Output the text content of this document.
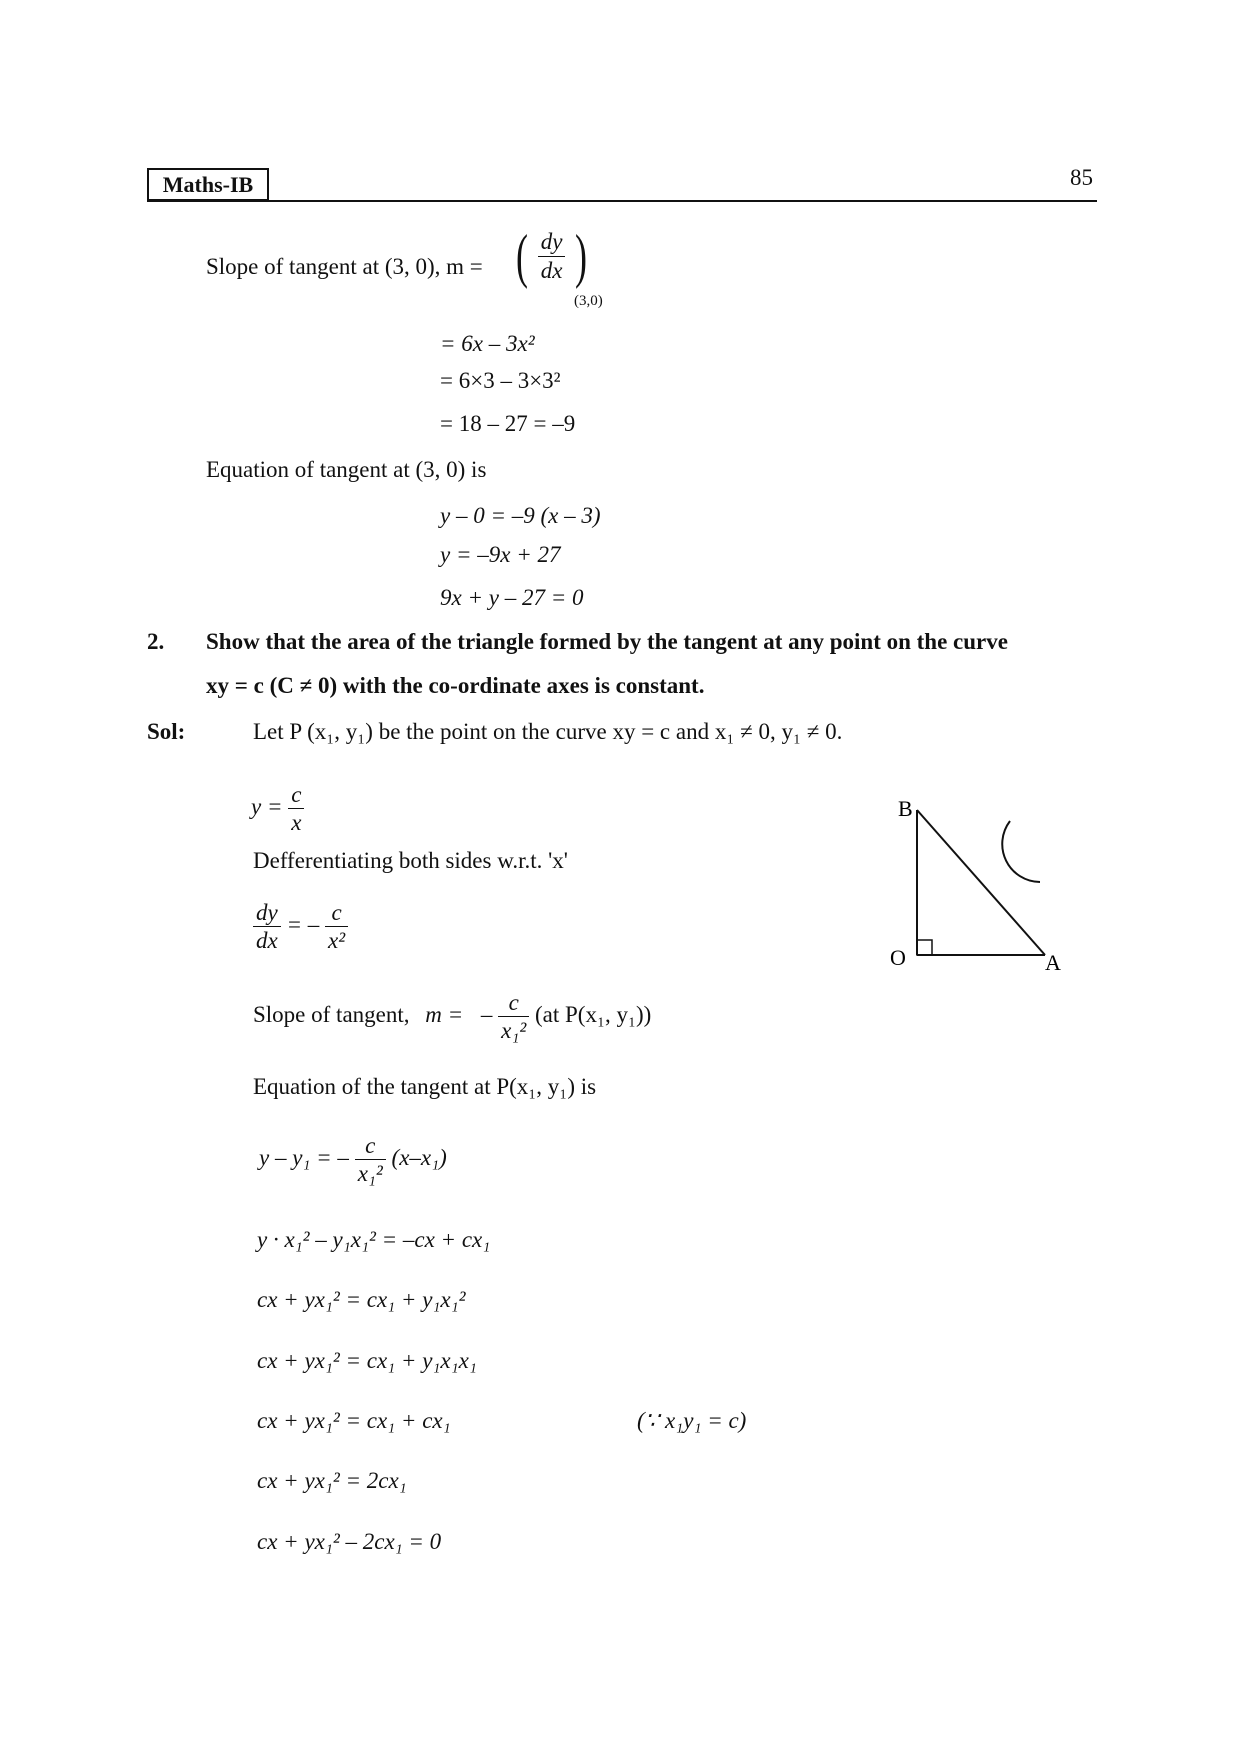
Maths-IB	85
Slope of tangent at (3, 0), m = ( $\frac{dy}{dx}$ )
(3,0)
= 6x – 3x²
= 6×3 – 3×3²
= 18 – 27 = –9
Equation of tangent at (3, 0) is
y – 0 = –9 (x – 3)
y = –9x + 27
9x + y – 27 = 0
2. Show that the area of the triangle formed by the tangent at any point on the curve
xy = c (C ≠ 0) with the co-ordinate axes is constant.
Sol:	Let P (x₁, y₁) be the point on the curve xy = c and x₁ ≠ 0, y₁ ≠ 0.
$y = \frac{c}{x}$
Defferentiating both sides w.r.t. 'x'
$\frac{dy}{dx}$ = – $\frac{c}{\text{x²}}$
Slope of tangent, m = – $\frac{c}{\text{x₁²}} (at$ P(x₁, y₁))
Equation of the tangent at P(x₁, y₁) is
y – y₁ = – $\frac{c}{\text{x₁²}} (x-x_1)$
y · x₁² – y₁x₁² = –cx + cx₁
cx + yx₁² = cx₁ + y₁x₁²
cx + yx₁² = cx₁ + y₁x₁x₁
cx + yx₁² = cx₁ + cx₁	(∵ x₁y₁ = c)
cx + yx₁² = 2cx₁
cx + yx₁² – 2cx₁ = 0
B
O	A
